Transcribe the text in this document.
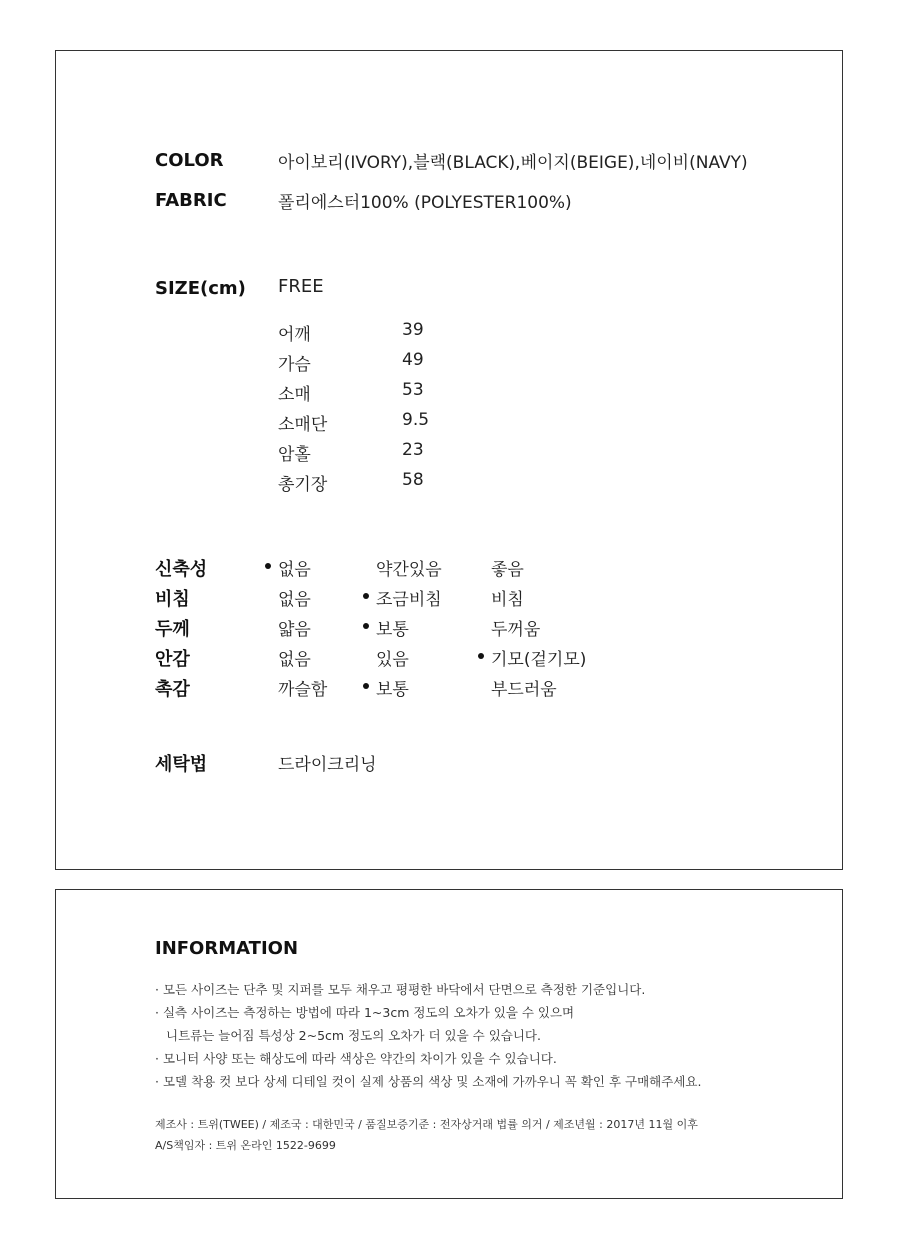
COLOR	아이보리(IVORY),블랙(BLACK),베이지(BEIGE),네이비(NAVY)
FABRIC	폴리에스터100% (POLYESTER100%)
SIZE(cm) FREE
어깨	39
가슴	49
소매	53
소매단	9.5
암홀	23
총기장	58
신축성	없음	약간있음	좋음
비침	없음	조금비침	비침
두께	얇음	보통	두꺼움
안감	없음	있음	기모(겉기모)
촉감	까슬함	보통	부드러움
세탁법	드라이크리닝
INFORMATION
· 모든 사이즈는 단추 및 지퍼를 모두 채우고 평평한 바닥에서 단면으로 측정한 기준입니다.
· 실측 사이즈는 측정하는 방법에 따라 1~3cm 정도의 오차가 있을 수 있으며
니트류는 늘어짐 특성상 2~5cm 정도의 오차가 더 있을 수 있습니다.
· 모니터 사양 또는 해상도에 따라 색상은 약간의 차이가 있을 수 있습니다.
· 모델 착용 컷 보다 상세 디테일 컷이 실제 상품의 색상 및 소재에 가까우니 꼭 확인 후 구매해주세요.
제조사 : 트위(TWEE) / 제조국 : 대한민국 / 품질보증기준 : 전자상거래 법률 의거 / 제조년월 : 2017년 11월 이후
A/S책임자 : 트위 온라인 1522-9699
